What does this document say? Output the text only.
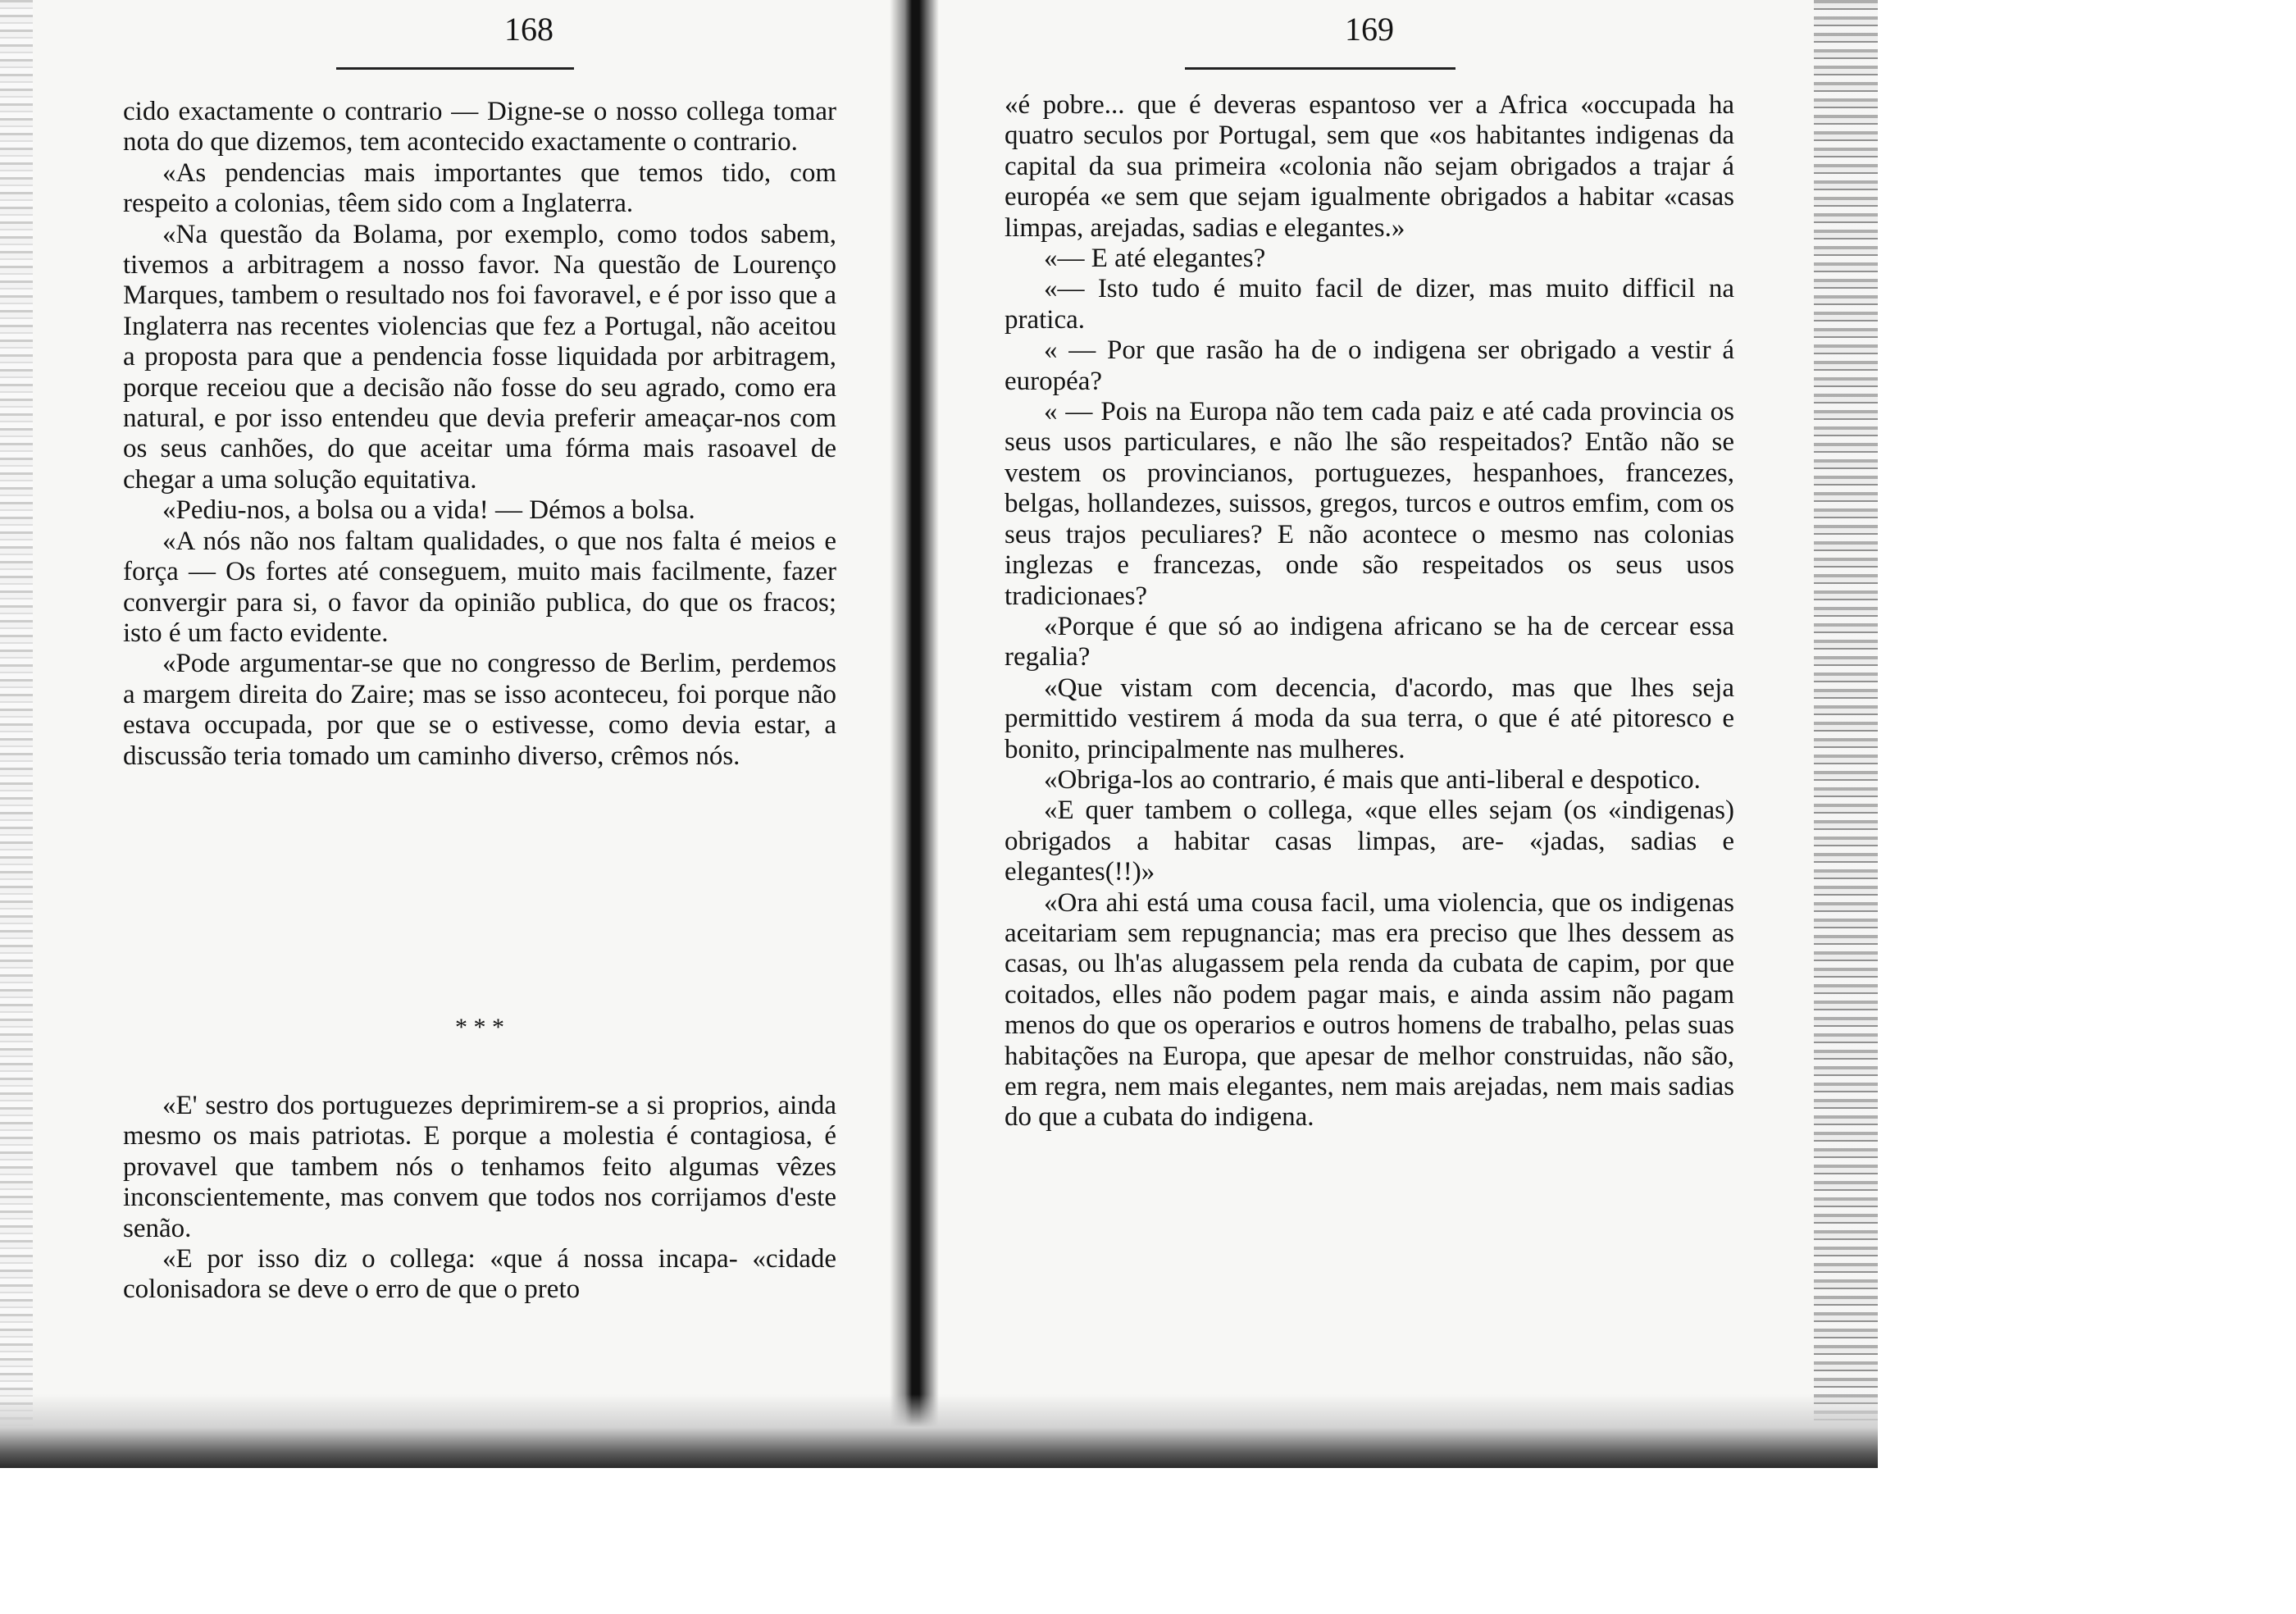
168

cido exactamente o contrario — Digne-se o nosso collega tomar nota do que dizemos, tem acontecido exactamente o contrario.

«As pendencias mais importantes que temos tido, com respeito a colonias, têem sido com a Inglaterra.

«Na questão da Bolama, por exemplo, como todos sabem, tivemos a arbitragem a nosso favor. Na questão de Lourenço Marques, tambem o resultado nos foi favoravel, e é por isso que a Inglaterra nas recentes violencias que fez a Portugal, não aceitou a proposta para que a pendencia fosse liquidada por arbitragem, porque receiou que a decisão não fosse do seu agrado, como era natural, e por isso entendeu que devia preferir ameaçar-nos com os seus canhões, do que aceitar uma fórma mais rasoavel de chegar a uma solução equitativa.

«Pediu-nos, a bolsa ou a vida! — Démos a bolsa.

«A nós não nos faltam qualidades, o que nos falta é meios e força — Os fortes até conseguem, muito mais facilmente, fazer convergir para si, o favor da opinião publica, do que os fracos; isto é um facto evidente.

«Pode argumentar-se que no congresso de Berlim, perdemos a margem direita do Zaire; mas se isso aconteceu, foi porque não estava occupada, por que se o estivesse, como devia estar, a discussão teria tomado um caminho diverso, crêmos nós.

* * *

«E' sestro dos portuguezes deprimirem-se a si proprios, ainda mesmo os mais patriotas. E porque a molestia é contagiosa, é provavel que tambem nós o tenhamos feito algumas vêzes inconscientemente, mas convem que todos nos corrijamos d'este senão.

«E por isso diz o collega: «que á nossa incapa- «cidade colonisadora se deve o erro de que o preto

169

«é pobre... que é deveras espantoso ver a Africa «occupada ha quatro seculos por Portugal, sem que «os habitantes indigenas da capital da sua primeira «colonia não sejam obrigados a trajar á européa «e sem que sejam igualmente obrigados a habitar «casas limpas, arejadas, sadias e elegantes.»

«— E até elegantes?

«— Isto tudo é muito facil de dizer, mas muito difficil na pratica.

« — Por que rasão ha de o indigena ser obrigado a vestir á européa?

« — Pois na Europa não tem cada paiz e até cada provincia os seus usos particulares, e não lhe são respeitados? Então não se vestem os provincianos, portuguezes, hespanhoes, francezes, belgas, hollandezes, suissos, gregos, turcos e outros emfim, com os seus trajos peculiares? E não acontece o mesmo nas colonias inglezas e francezas, onde são respeitados os seus usos tradicionaes?

«Porque é que só ao indigena africano se ha de cercear essa regalia?

«Que vistam com decencia, d'acordo, mas que lhes seja permittido vestirem á moda da sua terra, o que é até pitoresco e bonito, principalmente nas mulheres.

«Obriga-los ao contrario, é mais que anti-liberal e despotico.

«E quer tambem o collega, «que elles sejam (os «indigenas) obrigados a habitar casas limpas, are- «jadas, sadias e elegantes(!!)»

«Ora ahi está uma cousa facil, uma violencia, que os indigenas aceitariam sem repugnancia; mas era preciso que lhes dessem as casas, ou lh'as alugassem pela renda da cubata de capim, por que coitados, elles não podem pagar mais, e ainda assim não pagam menos do que os operarios e outros homens de trabalho, pelas suas habitações na Europa, que apesar de melhor construidas, não são, em regra, nem mais elegantes, nem mais arejadas, nem mais sadias do que a cubata do indigena.
